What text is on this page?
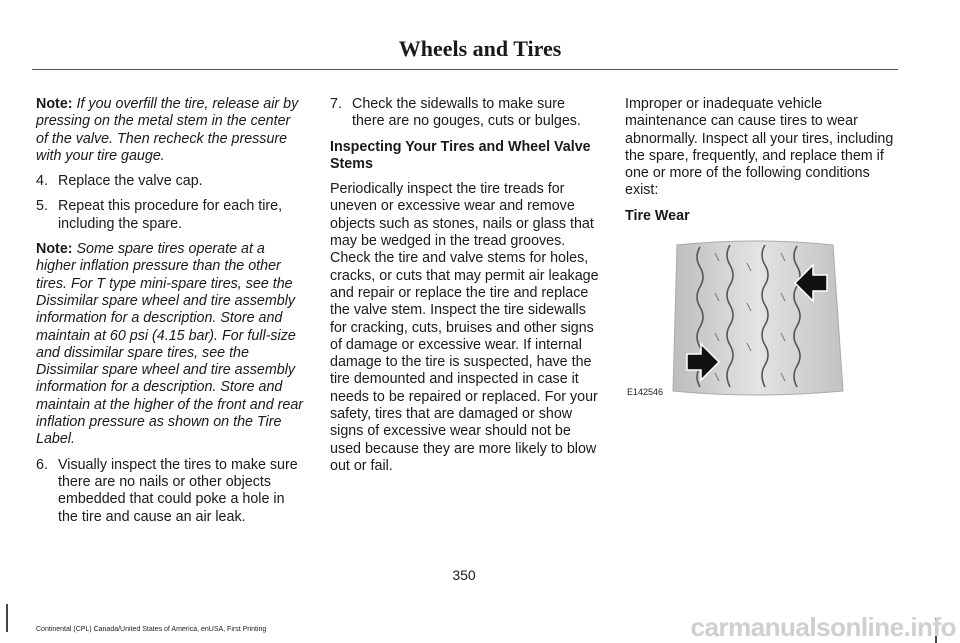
Wheels and Tires

Note: If you overfill the tire, release air by pressing on the metal stem in the center of the valve. Then recheck the pressure with your tire gauge.

4. Replace the valve cap.
5. Repeat this procedure for each tire, including the spare.

Note: Some spare tires operate at a higher inflation pressure than the other tires. For T type mini-spare tires, see the Dissimilar spare wheel and tire assembly information for a description. Store and maintain at 60 psi (4.15 bar). For full-size and dissimilar spare tires, see the Dissimilar spare wheel and tire assembly information for a description. Store and maintain at the higher of the front and rear inflation pressure as shown on the Tire Label.

6. Visually inspect the tires to make sure there are no nails or other objects embedded that could poke a hole in the tire and cause an air leak.
7. Check the sidewalls to make sure there are no gouges, cuts or bulges.
Inspecting Your Tires and Wheel Valve Stems

Periodically inspect the tire treads for uneven or excessive wear and remove objects such as stones, nails or glass that may be wedged in the tread grooves. Check the tire and valve stems for holes, cracks, or cuts that may permit air leakage and repair or replace the tire and replace the valve stem. Inspect the tire sidewalls for cracking, cuts, bruises and other signs of damage or excessive wear. If internal damage to the tire is suspected, have the tire demounted and inspected in case it needs to be repaired or replaced. For your safety, tires that are damaged or show signs of excessive wear should not be used because they are more likely to blow out or fail.

Improper or inadequate vehicle maintenance can cause tires to wear abnormally. Inspect all your tires, including the spare, frequently, and replace them if one or more of the following conditions exist:

Tire Wear
E142546
350
Continental (CPL) Canada/United States of America, enUSA, First Printing	carmanualsonline.info
